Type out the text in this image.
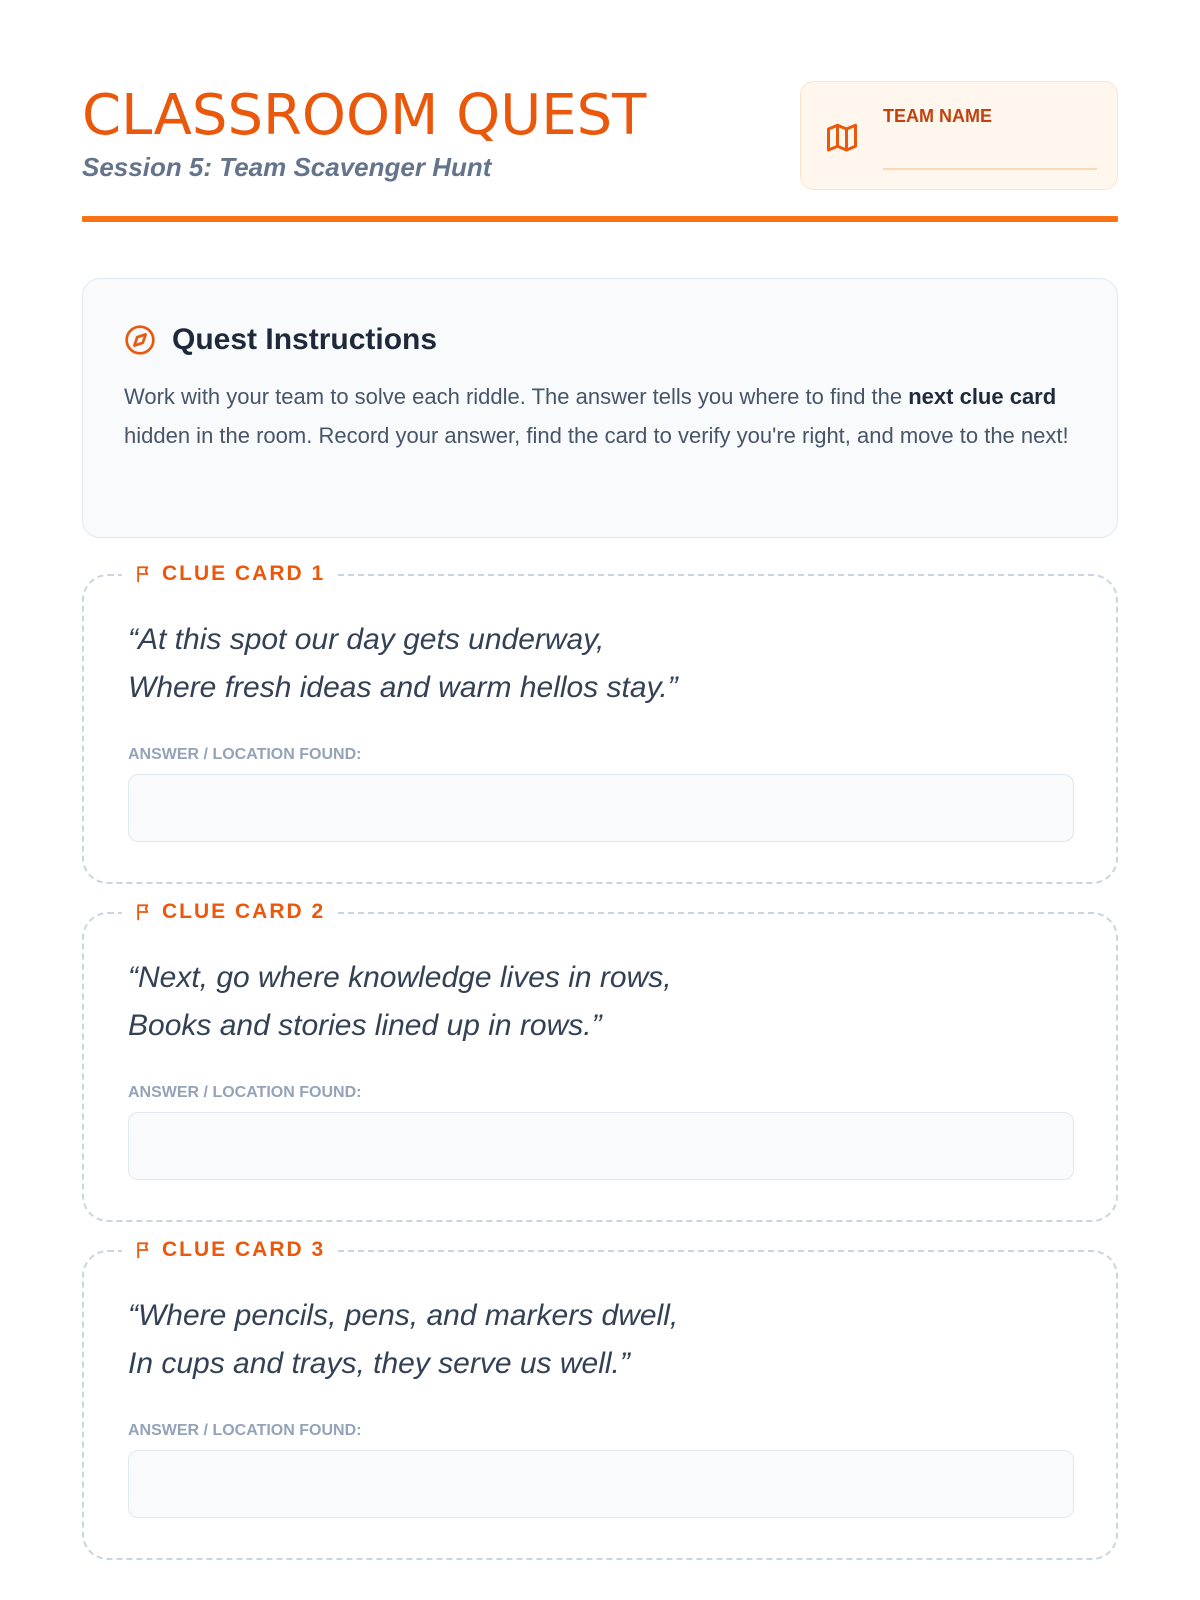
CLASSROOM QUEST
Session 5: Team Scavenger Hunt
TEAM NAME
Quest Instructions

Work with your team to solve each riddle. The answer tells you where to find the next clue card hidden in the room. Record your answer, find the card to verify you're right, and move to the next!

CLUE CARD 1
“At this spot our day gets underway,
Where fresh ideas and warm hellos stay.”
ANSWER / LOCATION FOUND:
CLUE CARD 2
“Next, go where knowledge lives in rows,
Books and stories lined up in rows.”
ANSWER / LOCATION FOUND:
CLUE CARD 3
“Where pencils, pens, and markers dwell,
In cups and trays, they serve us well.”
ANSWER / LOCATION FOUND:
